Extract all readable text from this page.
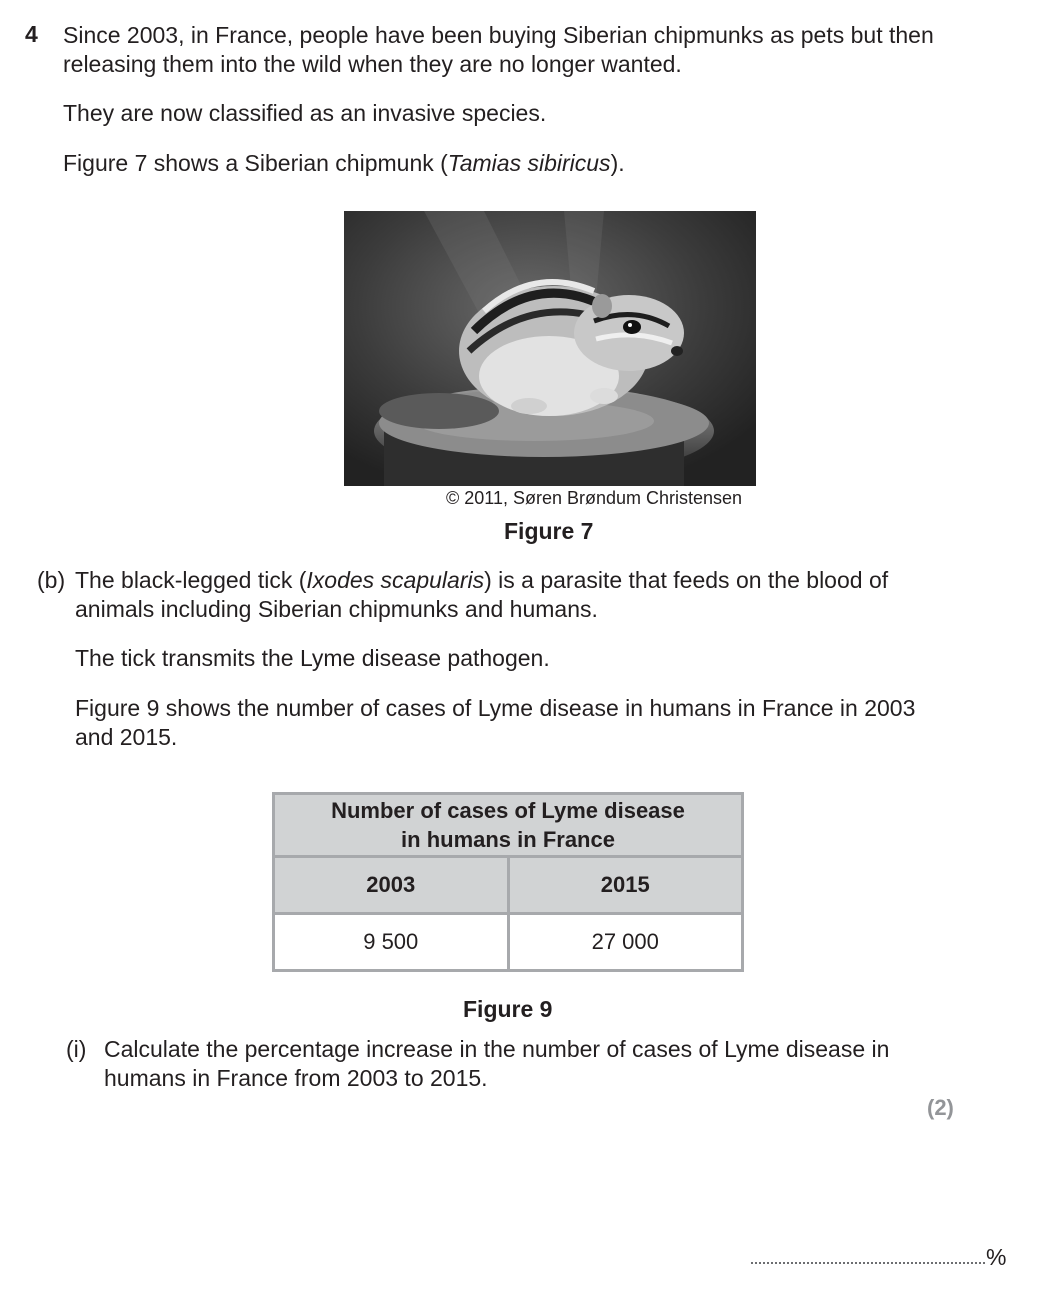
4 Since 2003, in France, people have been buying Siberian chipmunks as pets but then
releasing them into the wild when they are no longer wanted.
They are now classified as an invasive species.
Figure 7 shows a Siberian chipmunk (Tamias sibiricus).
© 2011, Søren Brøndum Christensen
Figure 7
(b) The black-legged tick (Ixodes scapularis) is a parasite that feeds on the blood of
animals including Siberian chipmunks and humans.
The tick transmits the Lyme disease pathogen.
Figure 9 shows the number of cases of Lyme disease in humans in France in 2003
and 2015.
Number of cases of Lyme disease
in humans in France	
2003	2015
9 500	27 000
Figure 9
(i) Calculate the percentage increase in the number of cases of Lyme disease in
humans in France from 2003 to 2015.
(2)
%
